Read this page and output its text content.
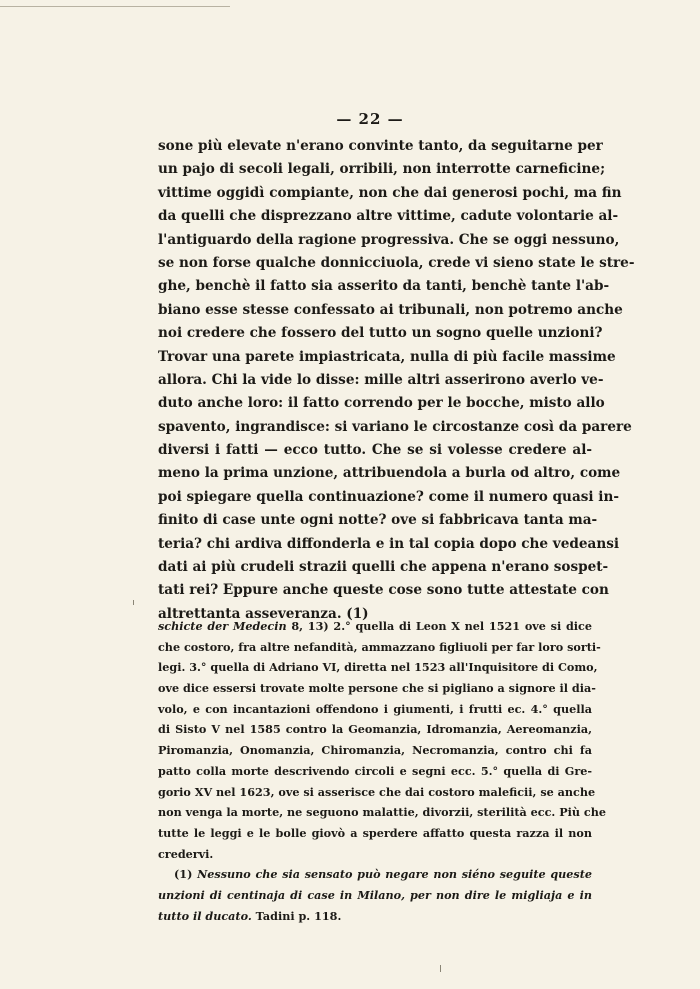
— 22 —
sone più elevate n'erano convinte tanto, da seguitarne per
un pajo di secoli legali, orribili, non interrotte carneficine;
vittime oggidì compiante, non che dai generosi pochi, ma fin
da quelli che disprezzano altre vittime, cadute volontarie al-
l'antiguardo della ragione progressiva. Che se oggi nessuno,
se non forse qualche donnicciuola, crede vi sieno state le stre-
ghe, benchè il fatto sia asserito da tanti, benchè tante l'ab-
biano esse stesse confessato ai tribunali, non potremo anche
noi credere che fossero del tutto un sogno quelle unzioni?
Trovar una parete impiastricata, nulla di più facile massime
allora. Chi la vide lo disse: mille altri asserirono averlo ve-
duto anche loro: il fatto correndo per le bocche, misto allo
spavento, ingrandisce: si variano le circostanze così da parere
diversi i fatti — ecco tutto. Che se si volesse credere al-
meno la prima unzione, attribuendola a burla od altro, come
poi spiegare quella continuazione? come il numero quasi in-
finito di case unte ogni notte? ove si fabbricava tanta ma-
teria? chi ardiva diffonderla e in tal copia dopo che vedeansi
dati ai più crudeli strazii quelli che appena n'erano sospet-
tati rei? Eppure anche queste cose sono tutte attestate con
altrettanta asseveranza. (1)
schicte der Medecin 8, 13) 2.° quella di Leon X nel 1521 ove si dice
che costoro, fra altre nefandità, ammazzano figliuoli per far loro sorti-
legi. 3.° quella di Adriano VI, diretta nel 1523 all'Inquisitore di Como,
ove dice essersi trovate molte persone che si pigliano a signore il dia-
volo, e con incantazioni offendono i giumenti, i frutti ec. 4.° quella
di Sisto V nel 1585 contro la Geomanzia, Idromanzia, Aereomanzia,
Piromanzia, Onomanzia, Chiromanzia, Necromanzia, contro chi fa
patto colla morte descrivendo circoli e segni ecc. 5.° quella di Gre-
gorio XV nel 1623, ove si asserisce che dai costoro maleficii, se anche
non venga la morte, ne seguono malattie, divorzii, sterilità ecc. Più che
tutte le leggi e le bolle giovò a sperdere affatto questa razza il non
credervi.
(1) Nessuno che sia sensato può negare non siéno seguite queste
unzioni di centinaja di case in Milano, per non dire le migliaja e in
tutto il ducato. Tadini p. 118.
